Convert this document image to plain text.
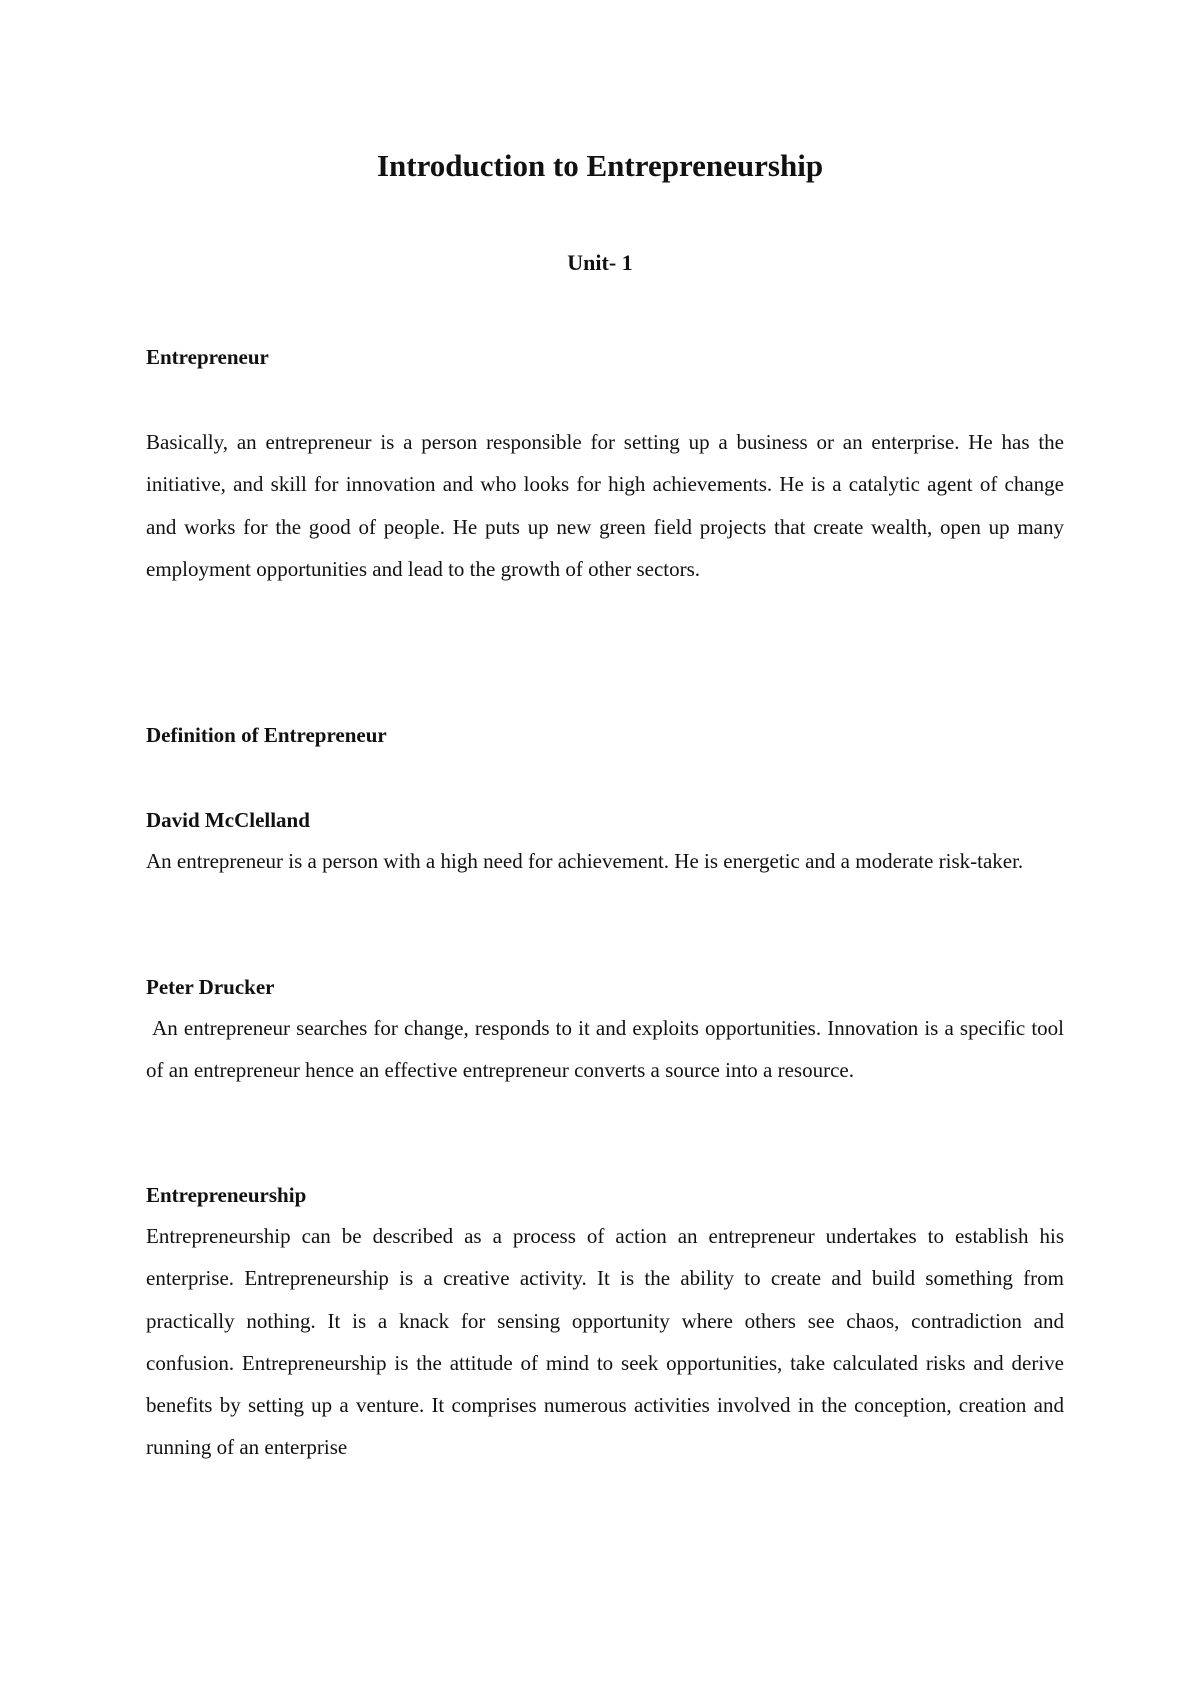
Introduction to Entrepreneurship
Unit- 1
Entrepreneur

Basically, an entrepreneur is a person responsible for setting up a business or an enterprise. He has the initiative, and skill for innovation and who looks for high achievements. He is a catalytic agent of change and works for the good of people. He puts up new green field projects that create wealth, open up many employment opportunities and lead to the growth of other sectors.

Definition of Entrepreneur
David McClelland

An entrepreneur is a person with a high need for achievement. He is energetic and a moderate risk-taker.

Peter Drucker

An entrepreneur searches for change, responds to it and exploits opportunities. Innovation is a specific tool of an entrepreneur hence an effective entrepreneur converts a source into a resource.

Entrepreneurship

Entrepreneurship can be described as a process of action an entrepreneur undertakes to establish his enterprise. Entrepreneurship is a creative activity. It is the ability to create and build something from practically nothing. It is a knack for sensing opportunity where others see chaos, contradiction and confusion. Entrepreneurship is the attitude of mind to seek opportunities, take calculated risks and derive benefits by setting up a venture. It comprises numerous activities involved in the conception, creation and running of an enterprise
